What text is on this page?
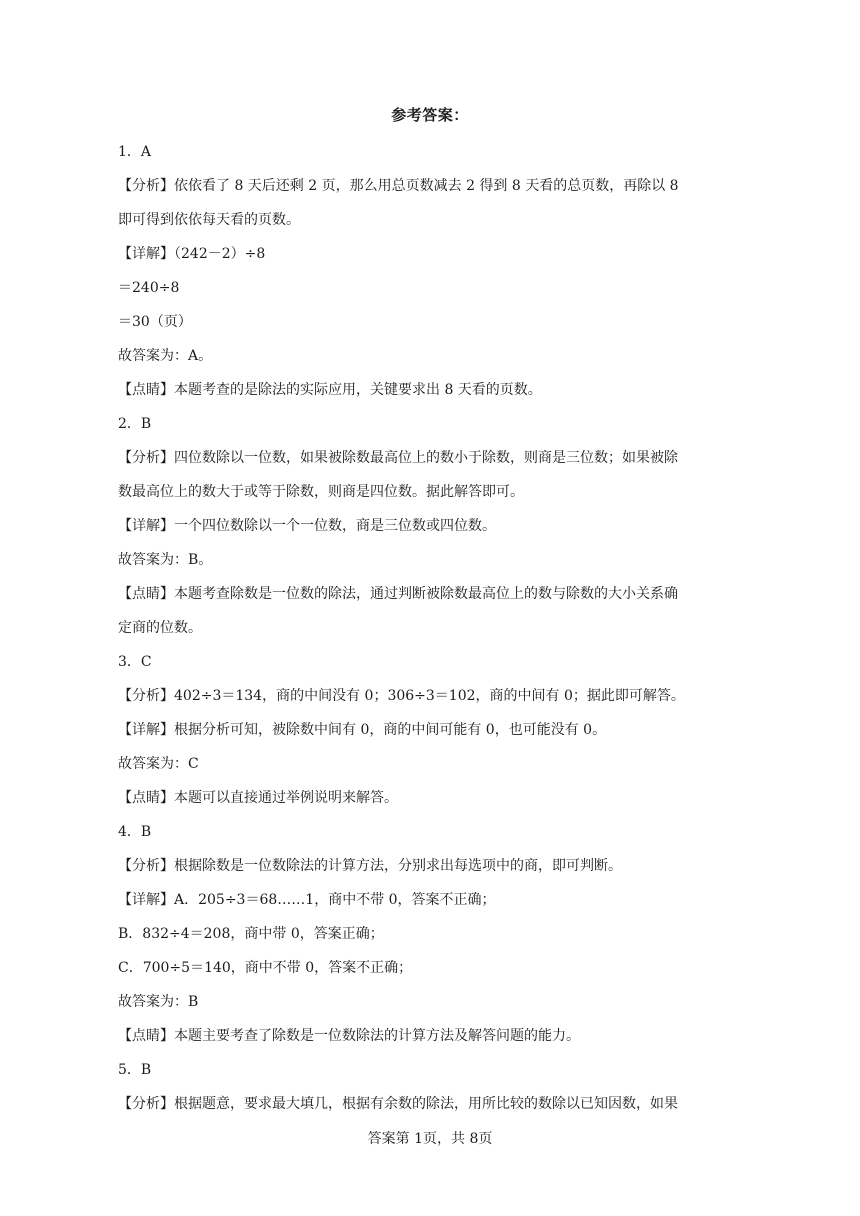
参考答案：
1．A
【分析】依依看了 8 天后还剩 2 页，那么用总页数减去 2 得到 8 天看的总页数，再除以 8
即可得到依依每天看的页数。
【详解】（242－2）÷8
＝240÷8
＝30（页）
故答案为：A。
【点睛】本题考查的是除法的实际应用，关键要求出 8 天看的页数。
2．B
【分析】四位数除以一位数，如果被除数最高位上的数小于除数，则商是三位数；如果被除
数最高位上的数大于或等于除数，则商是四位数。据此解答即可。
【详解】一个四位数除以一个一位数，商是三位数或四位数。
故答案为：B。
【点睛】本题考查除数是一位数的除法，通过判断被除数最高位上的数与除数的大小关系确
定商的位数。
3．C
【分析】402÷3＝134，商的中间没有 0；306÷3＝102，商的中间有 0；据此即可解答。
【详解】根据分析可知，被除数中间有 0，商的中间可能有 0，也可能没有 0。
故答案为：C
【点睛】本题可以直接通过举例说明来解答。
4．B
【分析】根据除数是一位数除法的计算方法，分别求出每选项中的商，即可判断。
【详解】A．205÷3＝68……1，商中不带 0，答案不正确；
B．832÷4＝208，商中带 0，答案正确；
C．700÷5＝140，商中不带 0，答案不正确；
故答案为：B
【点睛】本题主要考查了除数是一位数除法的计算方法及解答问题的能力。
5．B
【分析】根据题意，要求最大填几，根据有余数的除法，用所比较的数除以已知因数，如果
答案第 1页，共 8页
